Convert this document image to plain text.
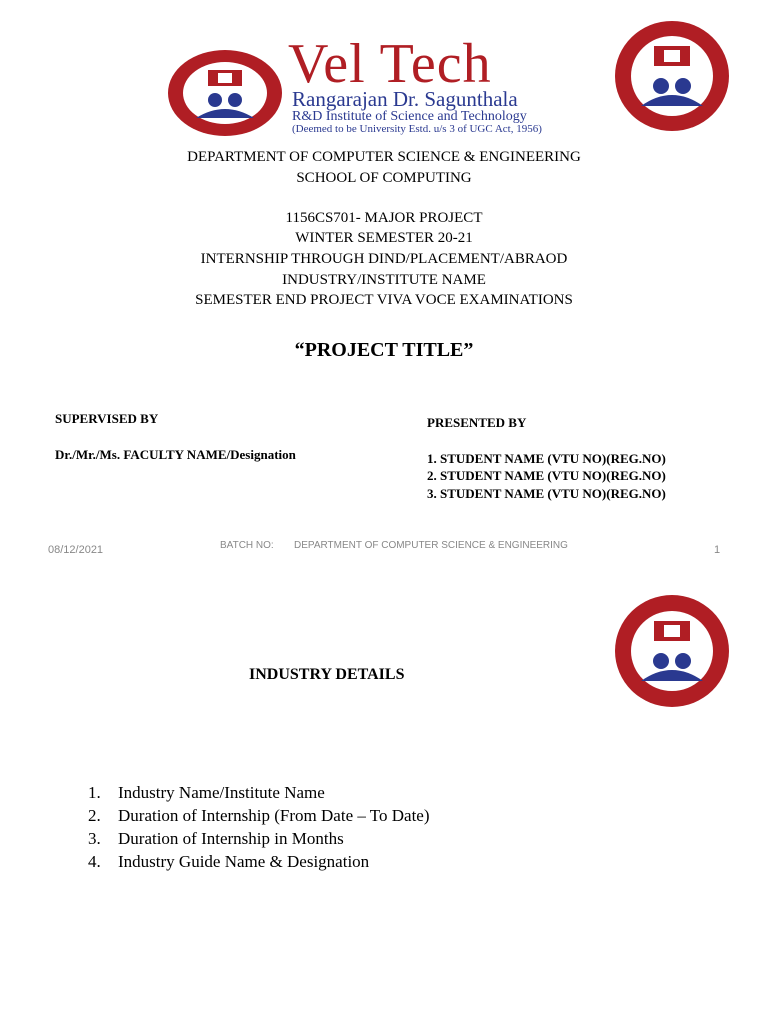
Vel Tech
Rangarajan Dr. Sagunthala
R&D Institute of Science and Technology
(Deemed to be University Estd. u/s 3 of UGC Act, 1956)
DEPARTMENT OF COMPUTER SCIENCE & ENGINEERING
SCHOOL OF COMPUTING
1156CS701- MAJOR PROJECT
WINTER SEMESTER 20-21
INTERNSHIP THROUGH DIND/PLACEMENT/ABRAOD
INDUSTRY/INSTITUTE NAME
SEMESTER END PROJECT VIVA VOCE EXAMINATIONS
“PROJECT TITLE”
SUPERVISED BY
Dr./Mr./Ms. FACULTY NAME/Designation
PRESENTED BY
1. STUDENT NAME (VTU NO)(REG.NO)
2. STUDENT NAME (VTU NO)(REG.NO)
3. STUDENT NAME (VTU NO)(REG.NO)
08/12/2021	BATCH NO: DEPARTMENT OF COMPUTER SCIENCE & ENGINEERING	1
INDUSTRY DETAILS
1. Industry Name/Institute Name
2. Duration of Internship (From Date – To Date)
3. Duration of Internship in Months
4. Industry Guide Name & Designation
